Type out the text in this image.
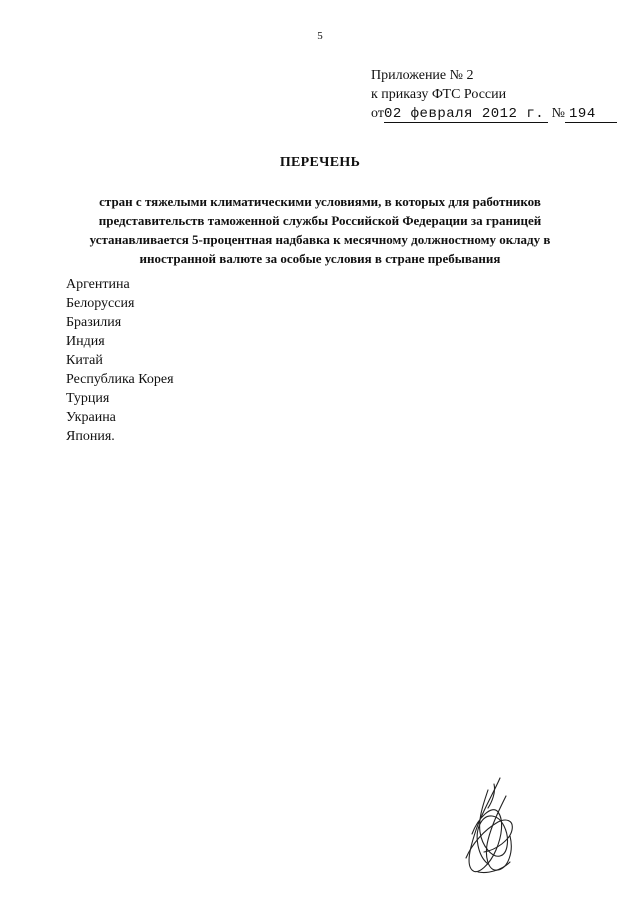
5
Приложение № 2
к приказу ФТС России
от02 февраля 2012 г. № 194
ПЕРЕЧЕНЬ
стран с тяжелыми климатическими условиями, в которых для работников представительств таможенной службы Российской Федерации за границей устанавливается 5-процентная надбавка к месячному должностному окладу в иностранной валюте за особые условия в стране пребывания
Аргентина
Белоруссия
Бразилия
Индия
Китай
Республика Корея
Турция
Украина
Япония.
